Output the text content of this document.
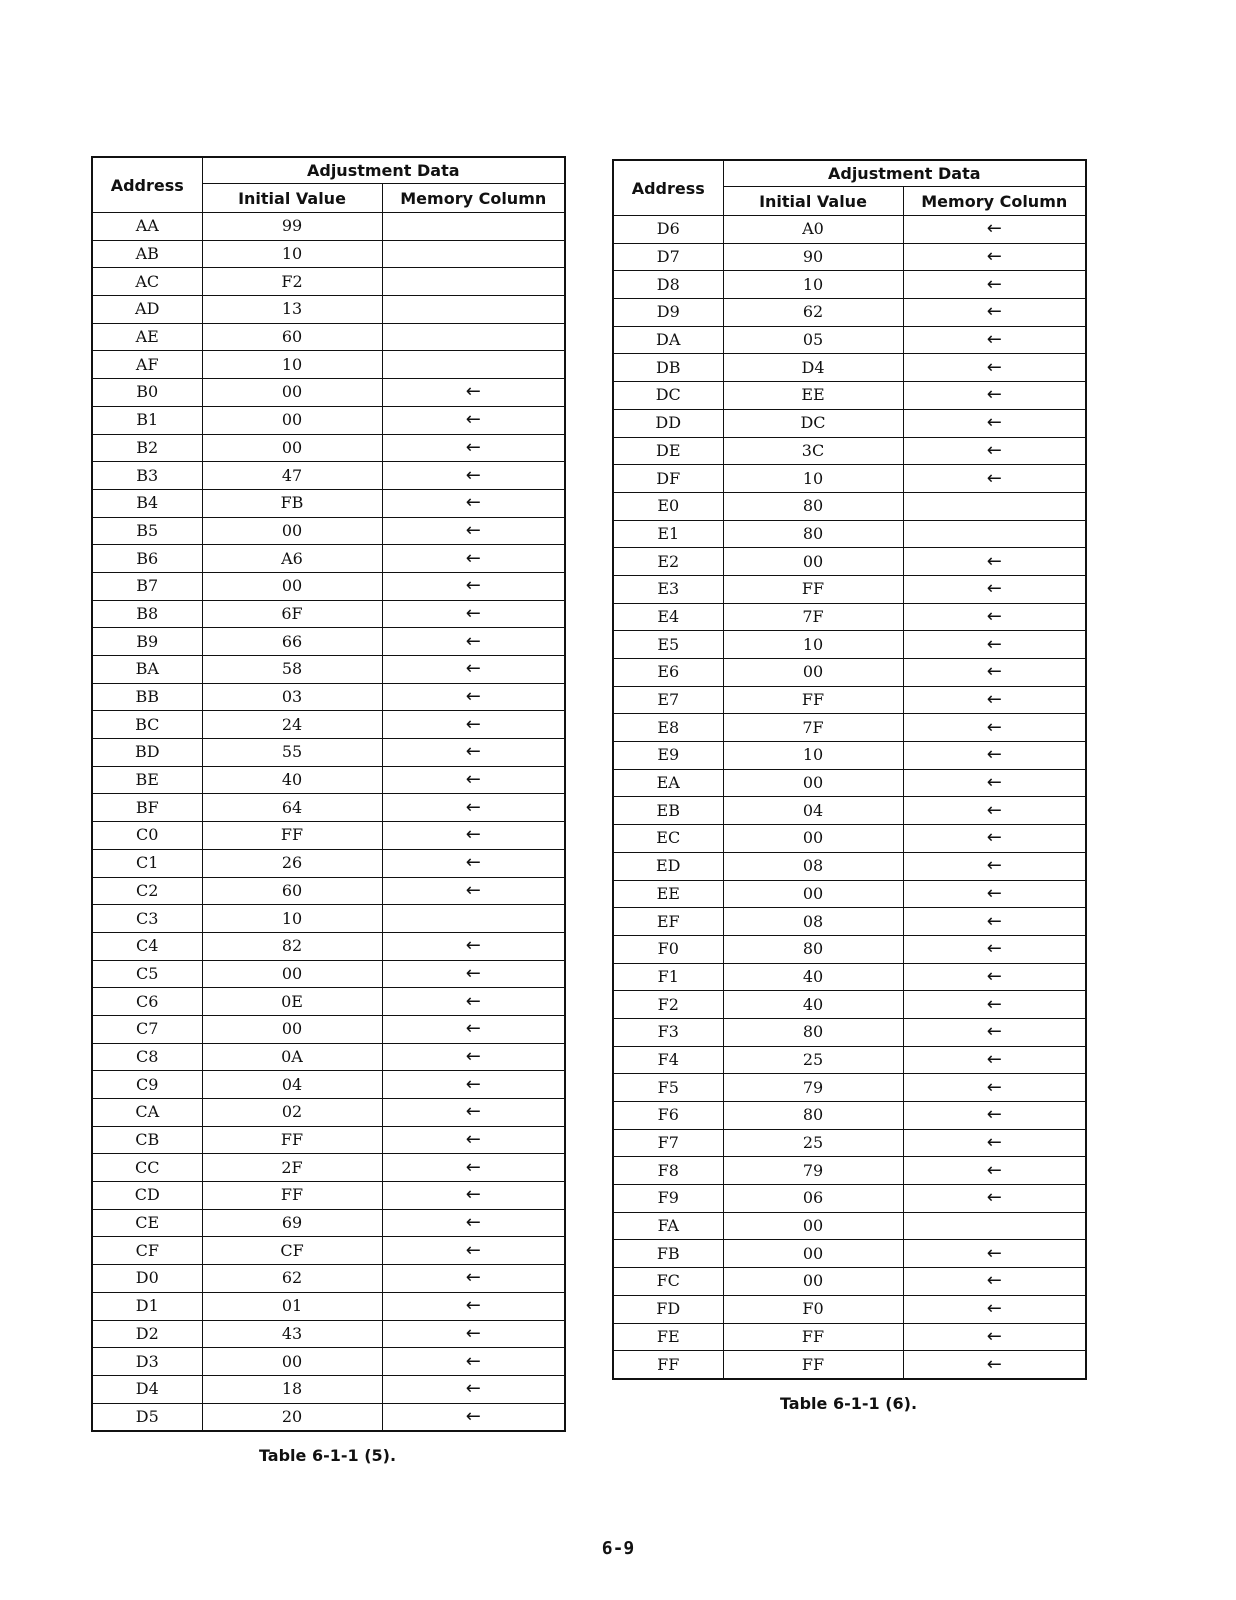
Address	Adjustment Data	
	Initial Value	Memory Column
AA	99	
AB	10	
AC	F2	
AD	13	
AE	60	
AF	10	
B0	00	←
B1	00	←
B2	00	←
B3	47	←
B4	FB	←
B5	00	←
B6	A6	←
B7	00	←
B8	6F	←
B9	66	←
BA	58	←
BB	03	←
BC	24	←
BD	55	←
BE	40	←
BF	64	←
C0	FF	←
C1	26	←
C2	60	←
C3	10	
C4	82	←
C5	00	←
C6	0E	←
C7	00	←
C8	0A	←
C9	04	←
CA	02	←
CB	FF	←
CC	2F	←
CD	FF	←
CE	69	←
CF	CF	←
D0	62	←
D1	01	←
D2	43	←
D3	00	←
D4	18	←
D5	20	←
Table 6-1-1 (5).
Address	Adjustment Data	
	Initial Value	Memory Column
D6	A0	←
D7	90	←
D8	10	←
D9	62	←
DA	05	←
DB	D4	←
DC	EE	←
DD	DC	←
DE	3C	←
DF	10	←
E0	80	
E1	80	
E2	00	←
E3	FF	←
E4	7F	←
E5	10	←
E6	00	←
E7	FF	←
E8	7F	←
E9	10	←
EA	00	←
EB	04	←
EC	00	←
ED	08	←
EE	00	←
EF	08	←
F0	80	←
F1	40	←
F2	40	←
F3	80	←
F4	25	←
F5	79	←
F6	80	←
F7	25	←
F8	79	←
F9	06	←
FA	00	
FB	00	←
FC	00	←
FD	F0	←
FE	FF	←
FF	FF	←
Table 6-1-1 (6).
6-9
